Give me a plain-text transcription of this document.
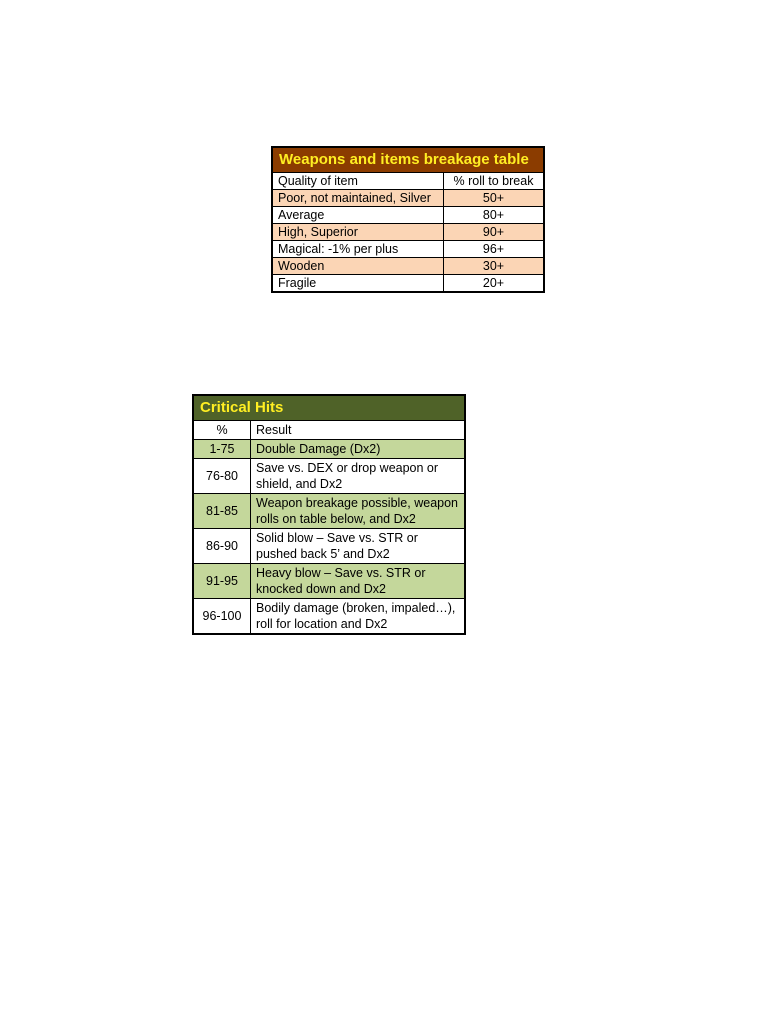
Weapons and items breakage table	
Quality of item	% roll to break
Poor, not maintained, Silver	50+
Average	80+
High, Superior	90+
Magical: -1% per plus	96+
Wooden	30+
Fragile	20+
Critical Hits	
%	Result
1-75	Double Damage (Dx2)
76-80	Save vs. DEX or drop weapon or shield, and Dx2
81-85	Weapon breakage possible, weapon rolls on table below, and Dx2
86-90	Solid blow – Save vs. STR or pushed back 5’ and Dx2
91-95	Heavy blow – Save vs. STR or knocked down and Dx2
96-100	Bodily damage (broken, impaled…), roll for location and Dx2
